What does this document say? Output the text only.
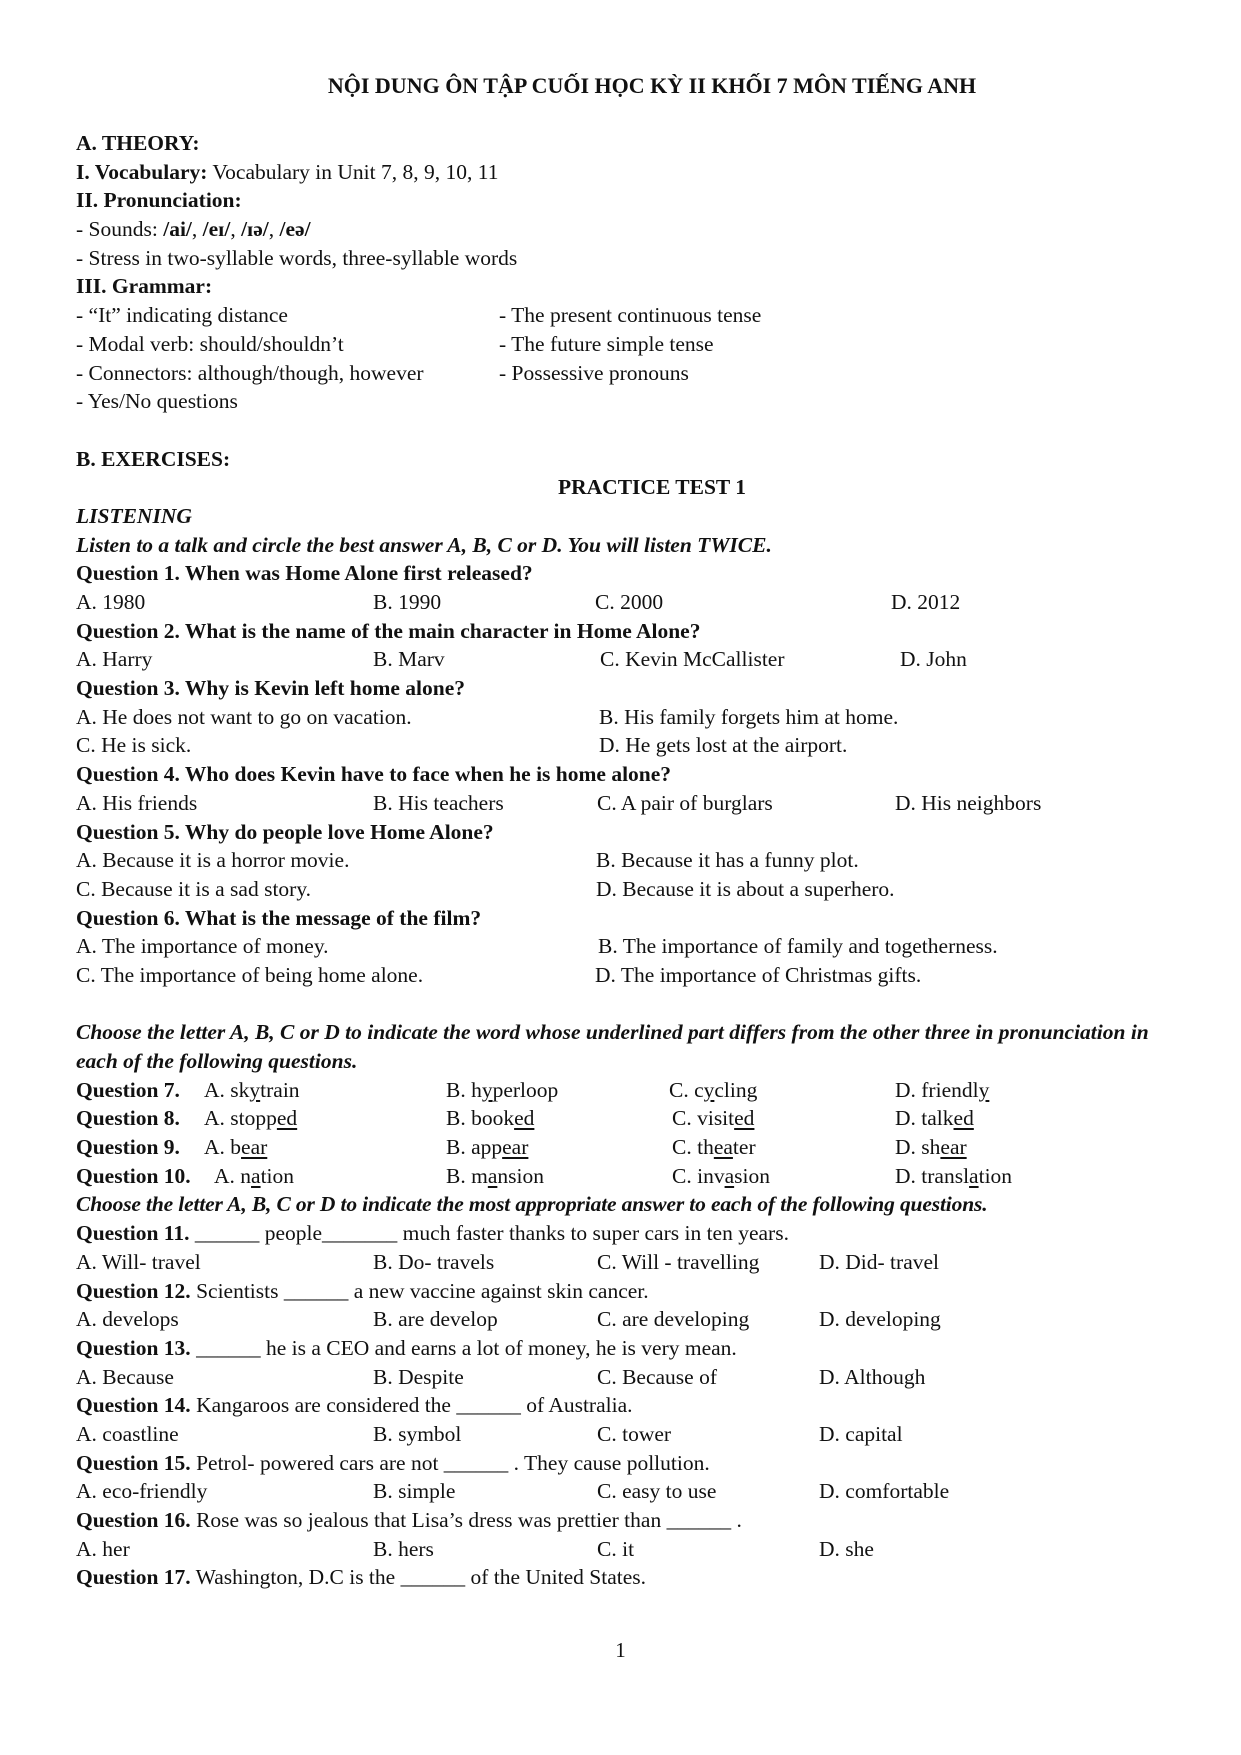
NỘI DUNG ÔN TẬP CUỐI HỌC KỲ II KHỐI 7 MÔN TIẾNG ANH
A. THEORY:
I. Vocabulary: Vocabulary in Unit 7, 8, 9, 10, 11
II. Pronunciation:
- Sounds: /ai/, /eɪ/, /ɪə/, /eə/
- Stress in two-syllable words, three-syllable words
III. Grammar:
- “It” indicating distance	- The present continuous tense
- Modal verb: should/shouldn’t	- The future simple tense
- Connectors: although/though, however	- Possessive pronouns
- Yes/No questions
B. EXERCISES:
PRACTICE TEST 1
LISTENING
Listen to a talk and circle the best answer A, B, C or D. You will listen TWICE.
Question 1. When was Home Alone first released?
A. 1980	B. 1990	C. 2000	D. 2012
Question 2. What is the name of the main character in Home Alone?
A. Harry	B. Marv	C. Kevin McCallister	D. John
Question 3. Why is Kevin left home alone?
A. He does not want to go on vacation.	B. His family forgets him at home.
C. He is sick.	D. He gets lost at the airport.
Question 4. Who does Kevin have to face when he is home alone?
A. His friends	B. His teachers	C. A pair of burglars	D. His neighbors
Question 5. Why do people love Home Alone?
A. Because it is a horror movie.	B. Because it has a funny plot.
C. Because it is a sad story.	D. Because it is about a superhero.
Question 6. What is the message of the film?
A. The importance of money.	B. The importance of family and togetherness.
C. The importance of being home alone.	D. The importance of Christmas gifts.
Choose the letter A, B, C or D to indicate the word whose underlined part differs from the other three in pronunciation in each of the following questions.
Question 7. A. skytrain	B. hyperloop	C. cycling	D. friendly
Question 8. A. stopped	B. booked	C. visited	D. talked
Question 9. A. bear	B. appear	C. theater	D. shear
Question 10. A. nation	B. mansion	C. invasion	D. translation
Choose the letter A, B, C or D to indicate the most appropriate answer to each of the following questions.
Question 11. ______ people_______ much faster thanks to super cars in ten years.
A. Will- travel	B. Do- travels	C. Will - travelling	D. Did- travel
Question 12. Scientists ______ a new vaccine against skin cancer.
A. develops	B. are develop	C. are developing	D. developing
Question 13. ______ he is a CEO and earns a lot of money, he is very mean.
A. Because	B. Despite	C. Because of	D. Although
Question 14. Kangaroos are considered the ______ of Australia.
A. coastline	B. symbol	C. tower	D. capital
Question 15. Petrol- powered cars are not ______ . They cause pollution.
A. eco-friendly	B. simple	C. easy to use	D. comfortable
Question 16. Rose was so jealous that Lisa’s dress was prettier than ______ .
A. her	B. hers	C. it	D. she
Question 17. Washington, D.C is the ______ of the United States.
1
